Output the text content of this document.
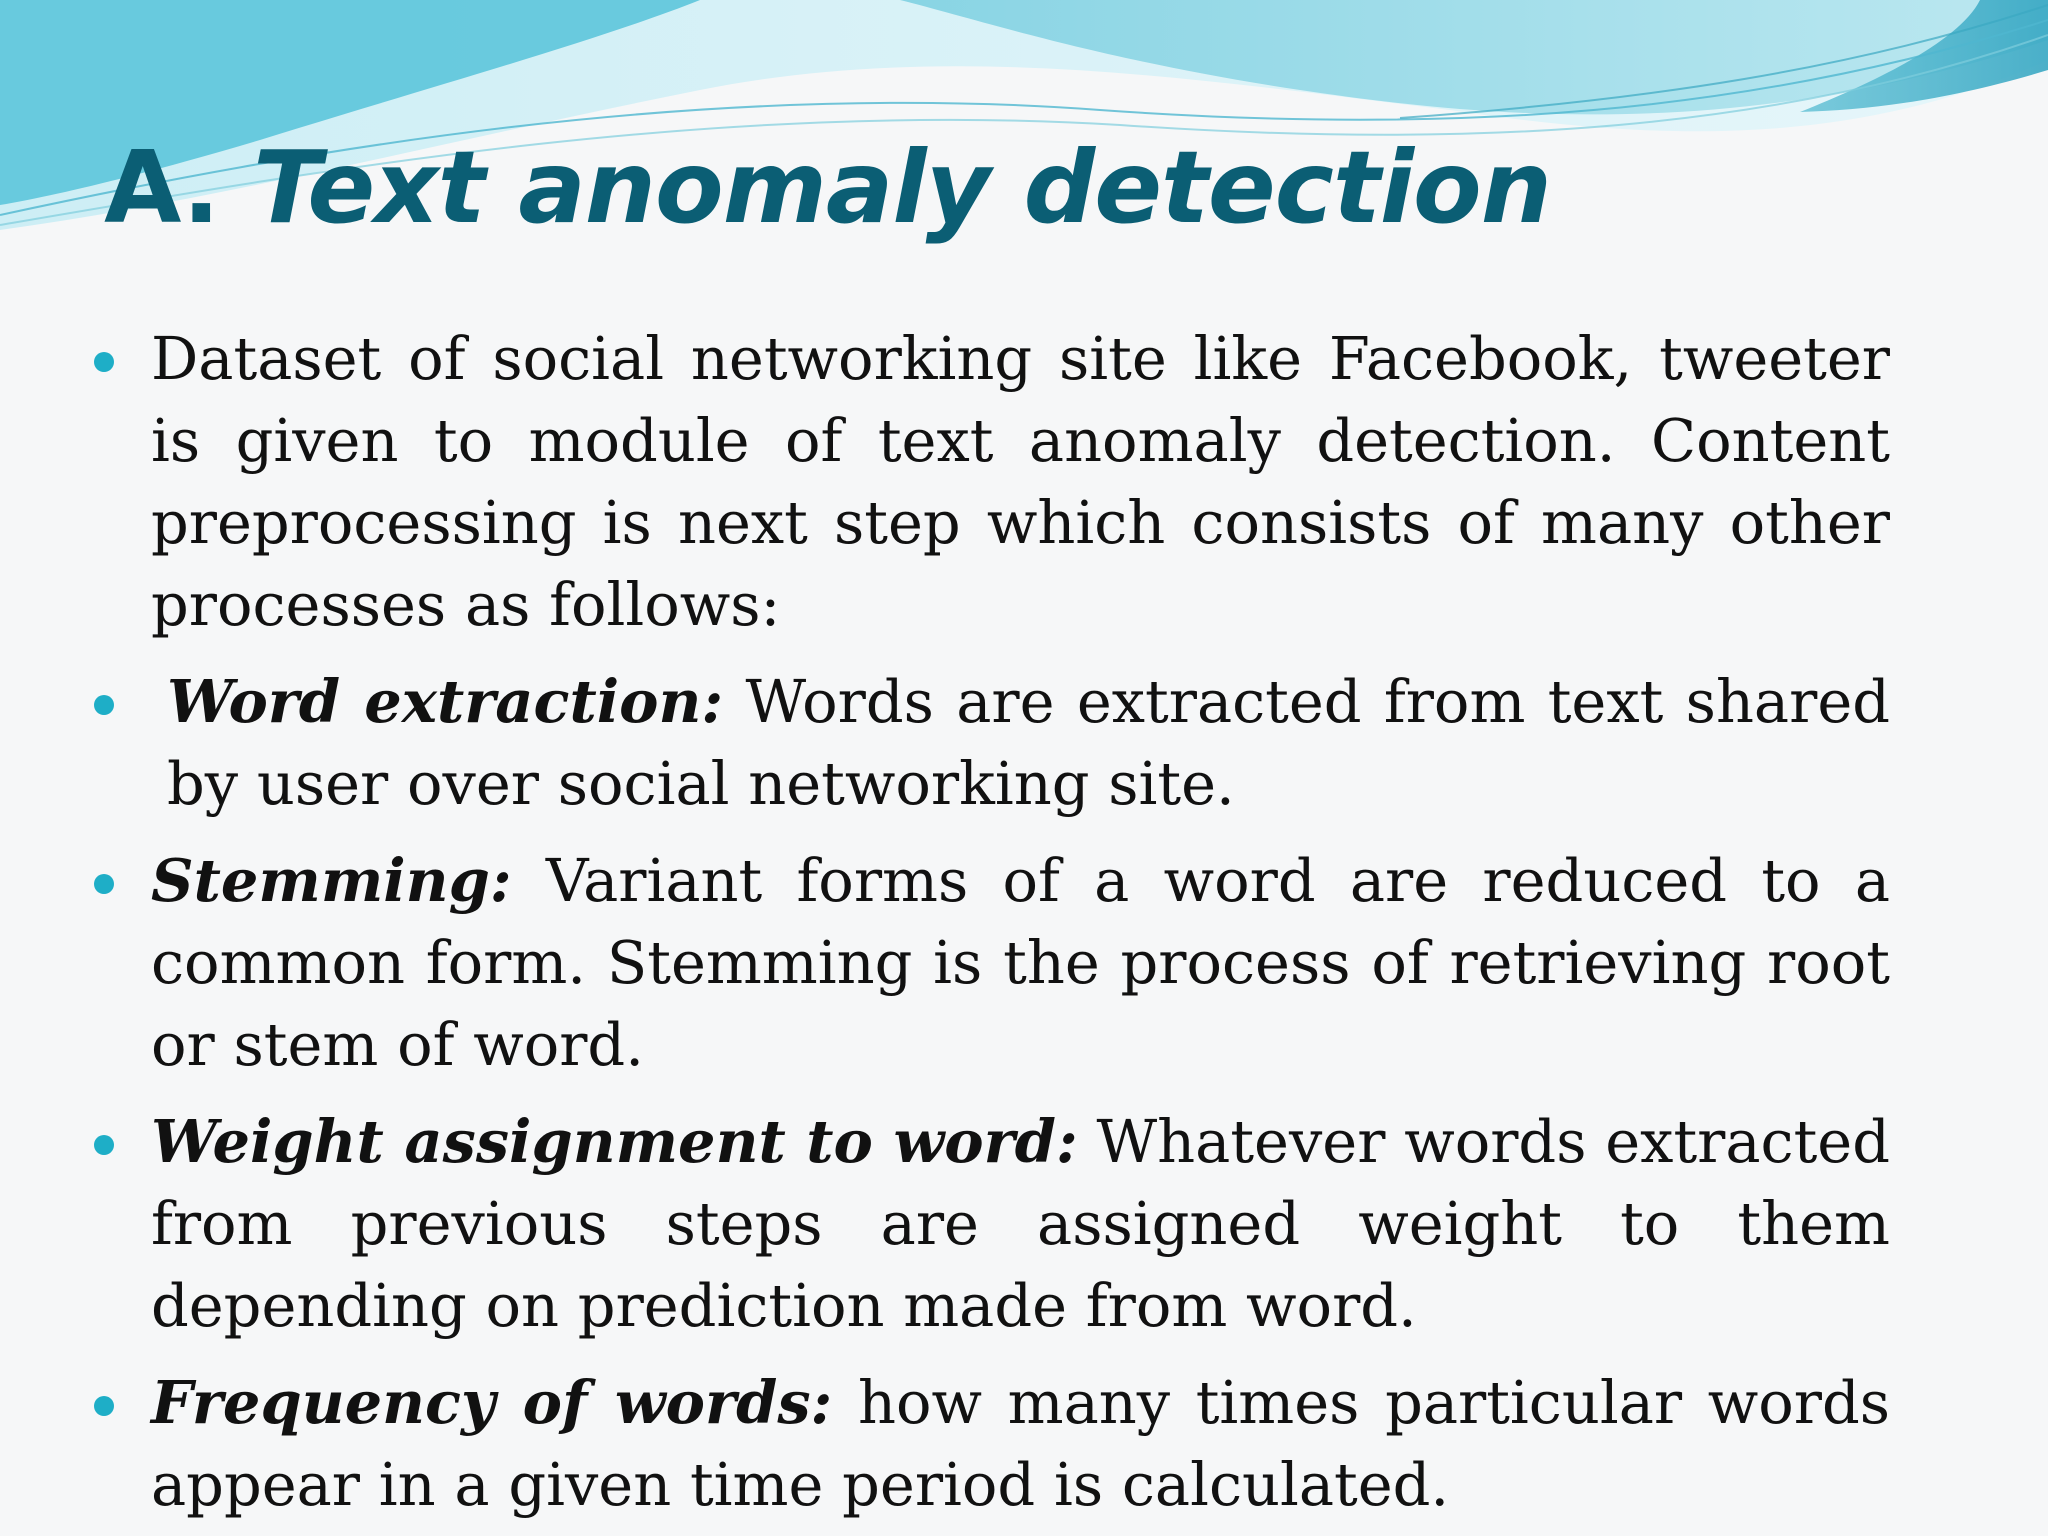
A. Text anomaly detection
Dataset of social networking site like Facebook, tweeter is given to module of text anomaly detection. Content preprocessing is next step which consists of many other processes as follows:
Word extraction: Words are extracted from text shared by user over social networking site.
Stemming: Variant forms of a word are reduced to a common form. Stemming is the process of retrieving root or stem of word.
Weight assignment to word: Whatever words extracted from previous steps are assigned weight to them depending on prediction made from word.
Frequency of words: how many times particular words appear in a given time period is calculated.
